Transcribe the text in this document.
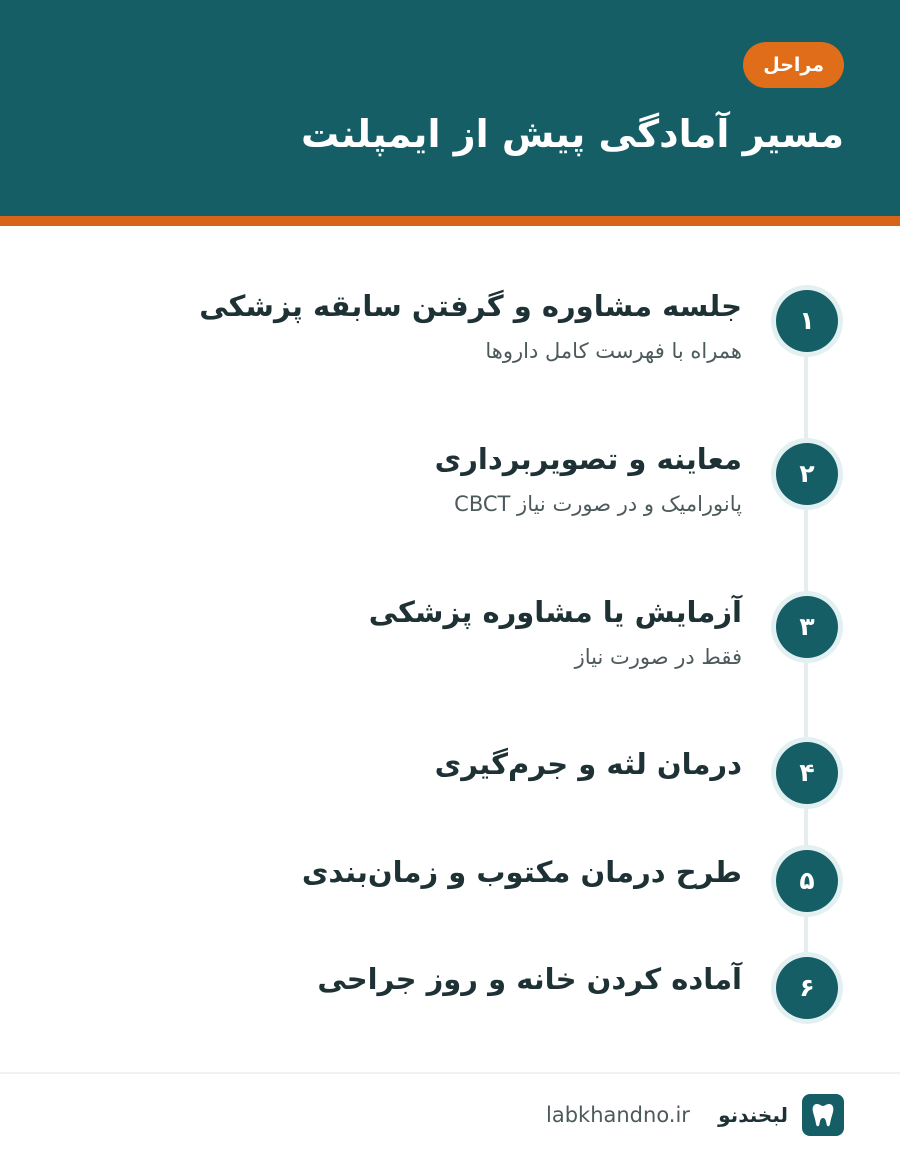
مراحل
مسیر آمادگی پیش از ایمپلنت
۱
جلسه مشاوره و گرفتن سابقه پزشکی
همراه با فهرست کامل داروها
۲
معاینه و تصویربرداری
پانورامیک و در صورت نیاز CBCT
۳
آزمایش یا مشاوره پزشکی
فقط در صورت نیاز
۴
درمان لثه و جرم‌گیری
۵
طرح درمان مکتوب و زمان‌بندی
۶
آماده کردن خانه و روز جراحی
لبخندنو
labkhandno.ir
